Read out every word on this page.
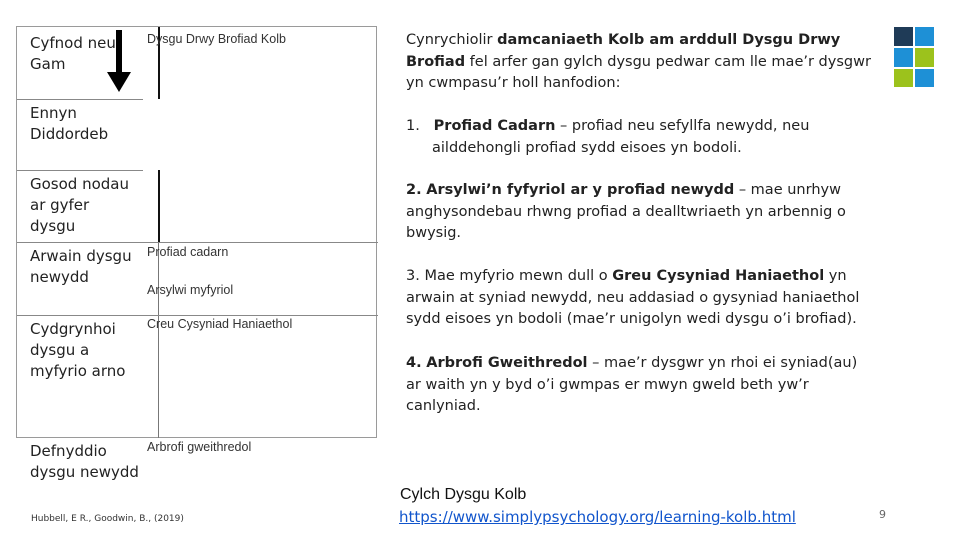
Cyfnod neu Gam
Dysgu Drwy Brofiad Kolb
Ennyn Diddordeb
Gosod nodau ar gyfer dysgu
Arwain dysgu newydd
Cydgrynhoi dysgu a myfyrio arno
Defnyddio dysgu newydd
Profiad cadarn
Arsylwi myfyriol
Creu Cysyniad Haniaethol
Arbrofi gweithredol
Hubbell, E R., Goodwin, B., (2019)
Cynrychiolir damcaniaeth Kolb am arddull Dysgu Drwy Brofiad fel arfer gan gylch dysgu pedwar cam lle mae’r dysgwr yn cwmpasu’r holl hanfodion:
1. Profiad Cadarn – profiad neu sefyllfa newydd, neu ailddehongli profiad sydd eisoes yn bodoli.
2. Arsylwi’n fyfyriol ar y profiad newydd – mae unrhyw anghysondebau rhwng profiad a dealltwriaeth yn arbennig o bwysig.
3. Mae myfyrio mewn dull o Greu Cysyniad Haniaethol yn arwain at syniad newydd, neu addasiad o gysyniad haniaethol sydd eisoes yn bodoli (mae’r unigolyn wedi dysgu o’i brofiad).
4. Arbrofi Gweithredol – mae’r dysgwr yn rhoi ei syniad(au) ar waith yn y byd o’i gwmpas er mwyn gweld beth yw’r canlyniad.
Cylch Dysgu Kolb
https://www.simplypsychology.org/learning-kolb.html	9
